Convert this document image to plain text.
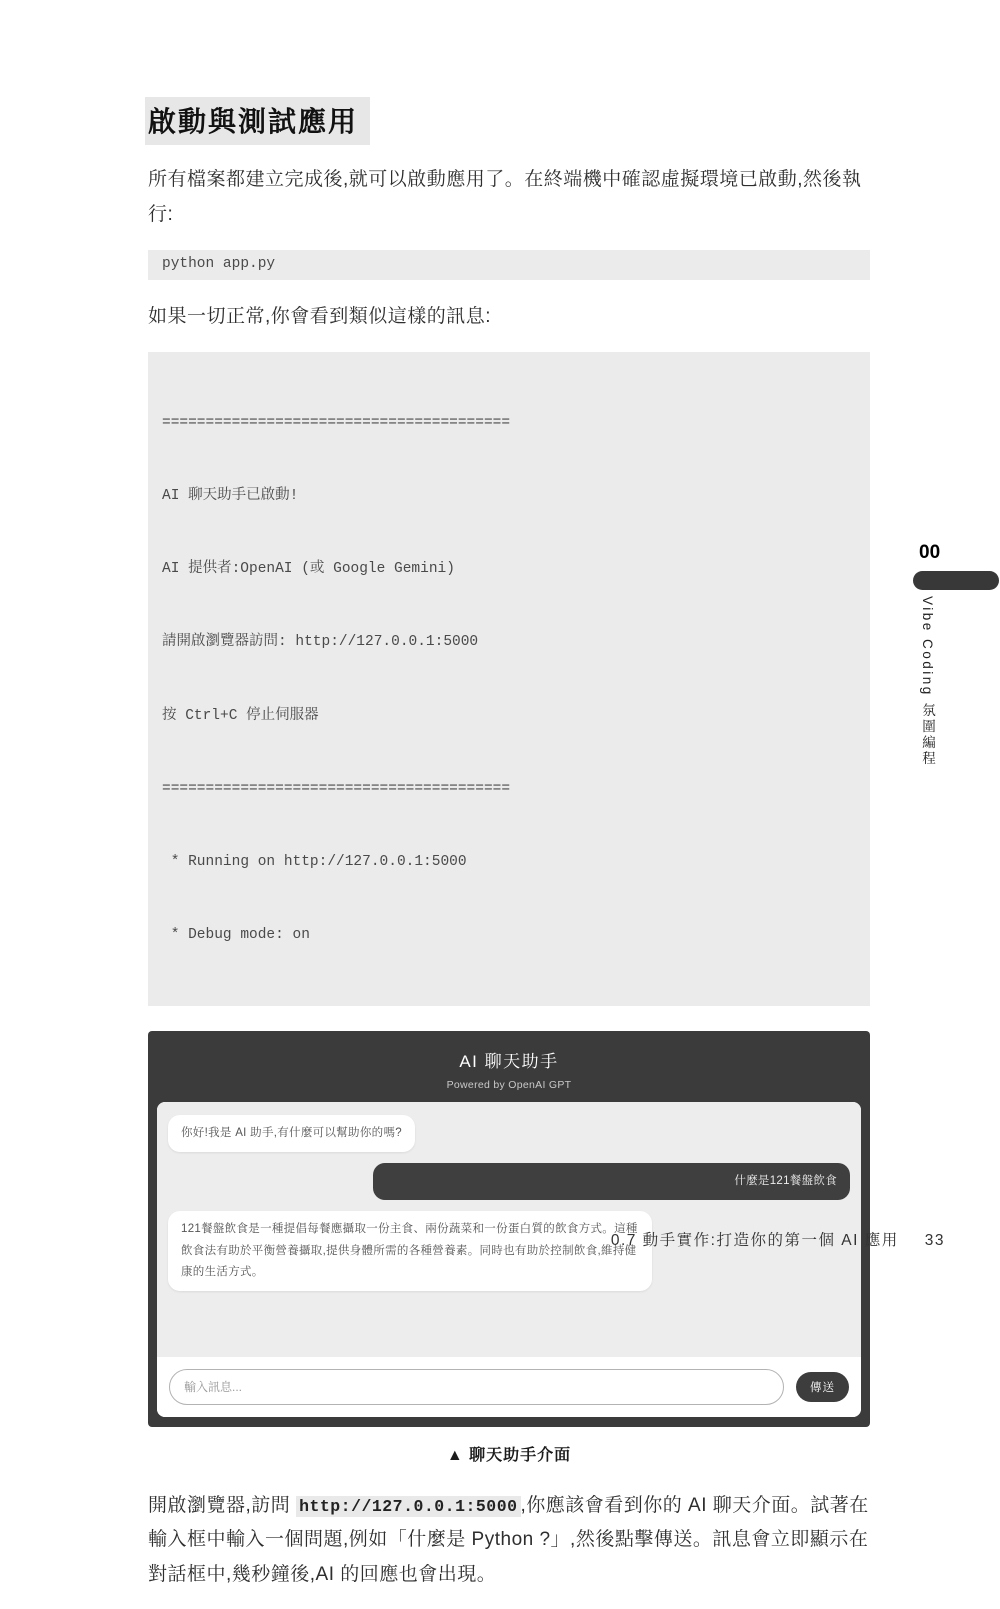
啟動與測試應用

所有檔案都建立完成後,就可以啟動應用了。在終端機中確認虛擬環境已啟動,然後執行:

python app.py

如果一切正常,你會看到類似這樣的訊息:

========================================

AI 聊天助手已啟動!

AI 提供者:OpenAI (或 Google Gemini)

請開啟瀏覽器訪問: http://127.0.0.1:5000

按 Ctrl+C 停止伺服器

========================================

* Running on http://127.0.0.1:5000

* Debug mode: on

AI 聊天助手
Powered by OpenAI GPT
你好!我是 AI 助手,有什麼可以幫助你的嗎?
什麼是121餐盤飲食
121餐盤飲食是一種提倡每餐應攝取一份主食、兩份蔬菜和一份蛋白質的飲食方式。這種飲食法有助於平衡營養攝取,提供身體所需的各種營養素。同時也有助於控制飲食,維持健康的生活方式。
輸入訊息...
傳送
▲ 聊天助手介面

開啟瀏覽器,訪問 http://127.0.0.1:5000 ,你應該會看到你的 AI 聊天介面。試著在輸入框中輸入一個問題,例如「什麼是 Python ?」,然後點擊傳送。訊息會立即顯示在對話框中,幾秒鐘後,AI 的回應也會出現。

0.7 動手實作:打造你的第一個 AI 應用 33
00
Vibe Coding 氛圍編程
